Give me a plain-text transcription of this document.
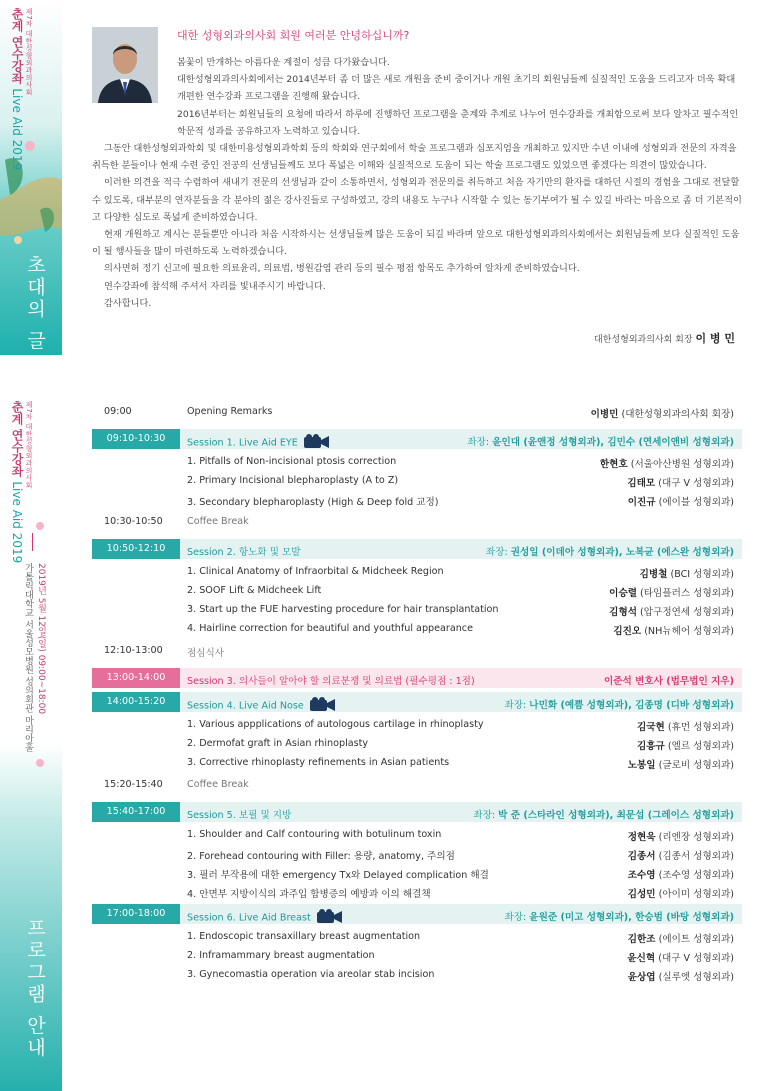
제7차 대한성형외과의사회
춘계 연수강좌 Live Aid 2019
초대의 글
제7차 대한성형외과의사회
춘계 연수강좌 Live Aid 2019
2019년 5월 12일(일) 09:00~18:00
가톨릭대학교 서울성모병원 성의회관 마리아홀
프로그램 안내
대한 성형외과의사회 회원 여러분 안녕하십니까?

봄꽃이 만개하는 아름다운 계절이 성큼 다가왔습니다.

대한성형외과의사회에서는 2014년부터 좀 더 많은 새로 개원을 준비 중이거나 개원 초기의 회원님들께 실질적인 도움을 드리고자 더욱 확대 개편한 연수강좌 프로그램을 진행해 왔습니다.

2016년부터는 회원님들의 요청에 따라서 하루에 진행하던 프로그램을 춘계와 추계로 나누어 연수강좌를 개최함으로써 보다 알차고 필수적인 학문적 성과를 공유하고자 노력하고 있습니다.

그동안 대한성형외과학회 및 대한미용성형외과학회 등의 학회와 연구회에서 학술 프로그램과 심포지엄을 개최하고 있지만 수년 이내에 성형외과 전문의 자격을 취득한 분들이나 현재 수련 중인 전공의 선생님들께도 보다 폭넓은 이해와 실질적으로 도움이 되는 학술 프로그램도 있었으면 좋겠다는 의견이 많았습니다.

이러한 의견을 적극 수렴하여 새내기 전문의 선생님과 같이 소통하면서, 성형외과 전문의를 취득하고 처음 자기만의 환자를 대하던 시절의 경험을 그대로 전달할 수 있도록, 대부분의 연자분들을 각 분야의 젊은 강사진들로 구성하였고, 강의 내용도 누구나 시작할 수 있는 동기부여가 될 수 있길 바라는 마음으로 좀 더 기본적이고 다양한 심도로 폭넓게 준비하였습니다.

현재 개원하고 계시는 분들뿐만 아니라 처음 시작하시는 선생님들께 많은 도움이 되길 바라며 앞으로 대한성형외과의사회에서는 회원님들께 보다 실질적인 도움이 될 행사들을 많이 마련하도록 노력하겠습니다.

의사면허 정기 신고에 필요한 의료윤리, 의료법, 병원감염 관리 등의 필수 평점 항목도 추가하여 알차게 준비하였습니다.

연수강좌에 참석해 주셔서 자리를 빛내주시기 바랍니다.

감사합니다.

대한성형외과의사회 회장 이 병 민
09:00	Opening Remarks	이병민 (대한성형외과의사회 회장)
09:10-10:30	Session 1. Live Aid EYE	좌장: 윤인대 (윤앤정 성형외과), 김민수 (연세이앤비 성형외과)
1. Pitfalls of Non-incisional ptosis correction	한현호 (서울아산병원 성형외과)
2. Primary Incisional blepharoplasty (A to Z)	김태모 (대구 V 성형외과)
3. Secondary blepharoplasty (High & Deep fold 교정)	이진규 (에이블 성형외과)
10:30-10:50	Coffee Break
10:50-12:10	Session 2. 항노화 및 모발	좌장: 권성일 (이데아 성형외과), 노복균 (에스완 성형외과)
1. Clinical Anatomy of Infraorbital & Midcheek Region	김병철 (BCI 성형외과)
2. SOOF Lift & Midcheek Lift	이승렬 (타임플러스 성형외과)
3. Start up the FUE harvesting procedure for hair transplantation	김형석 (압구정연세 성형외과)
4. Hairline correction for beautiful and youthful appearance	김진오 (NH뉴헤어 성형외과)
12:10-13:00	점심식사
13:00-14:00	Session 3. 의사들이 알아야 할 의료분쟁 및 의료법 (필수평점 : 1점)	이준석 변호사 (법무법인 지우)
14:00-15:20	Session 4. Live Aid Nose	좌장: 나민화 (예쁨 성형외과), 김종명 (디바 성형외과)
1. Various appplications of autologous cartilage in rhinoplasty	김국현 (휴먼 성형외과)
2. Dermofat graft in Asian rhinoplasty	김흥규 (엘르 성형외과)
3. Corrective rhinoplasty refinements in Asian patients	노봉일 (글로비 성형외과)
15:20-15:40	Coffee Break
15:40-17:00	Session 5. 보필 및 지방	좌장: 박 준 (스타라인 성형외과), 최문섭 (그레이스 성형외과)
1. Shoulder and Calf contouring with botulinum toxin	정현욱 (리엔장 성형외과)
2. Forehead contouring with Filler: 용량, anatomy, 주의점	김종서 (김종서 성형외과)
3. 필러 부작용에 대한 emergency Tx와 Delayed complication 해결	조수영 (조수영 성형외과)
4. 안면부 지방이식의 과주입 합병증의 예방과 이의 해결책	김성민 (아이미 성형외과)
17:00-18:00	Session 6. Live Aid Breast	좌장: 윤원준 (미고 성형외과), 한승범 (바탕 성형외과)
1. Endoscopic transaxillary breast augmentation	김한조 (에이트 성형외과)
2. Inframammary breast augmentation	윤신혁 (대구 V 성형외과)
3. Gynecomastia operation via areolar stab incision	윤상엽 (실루엣 성형외과)
